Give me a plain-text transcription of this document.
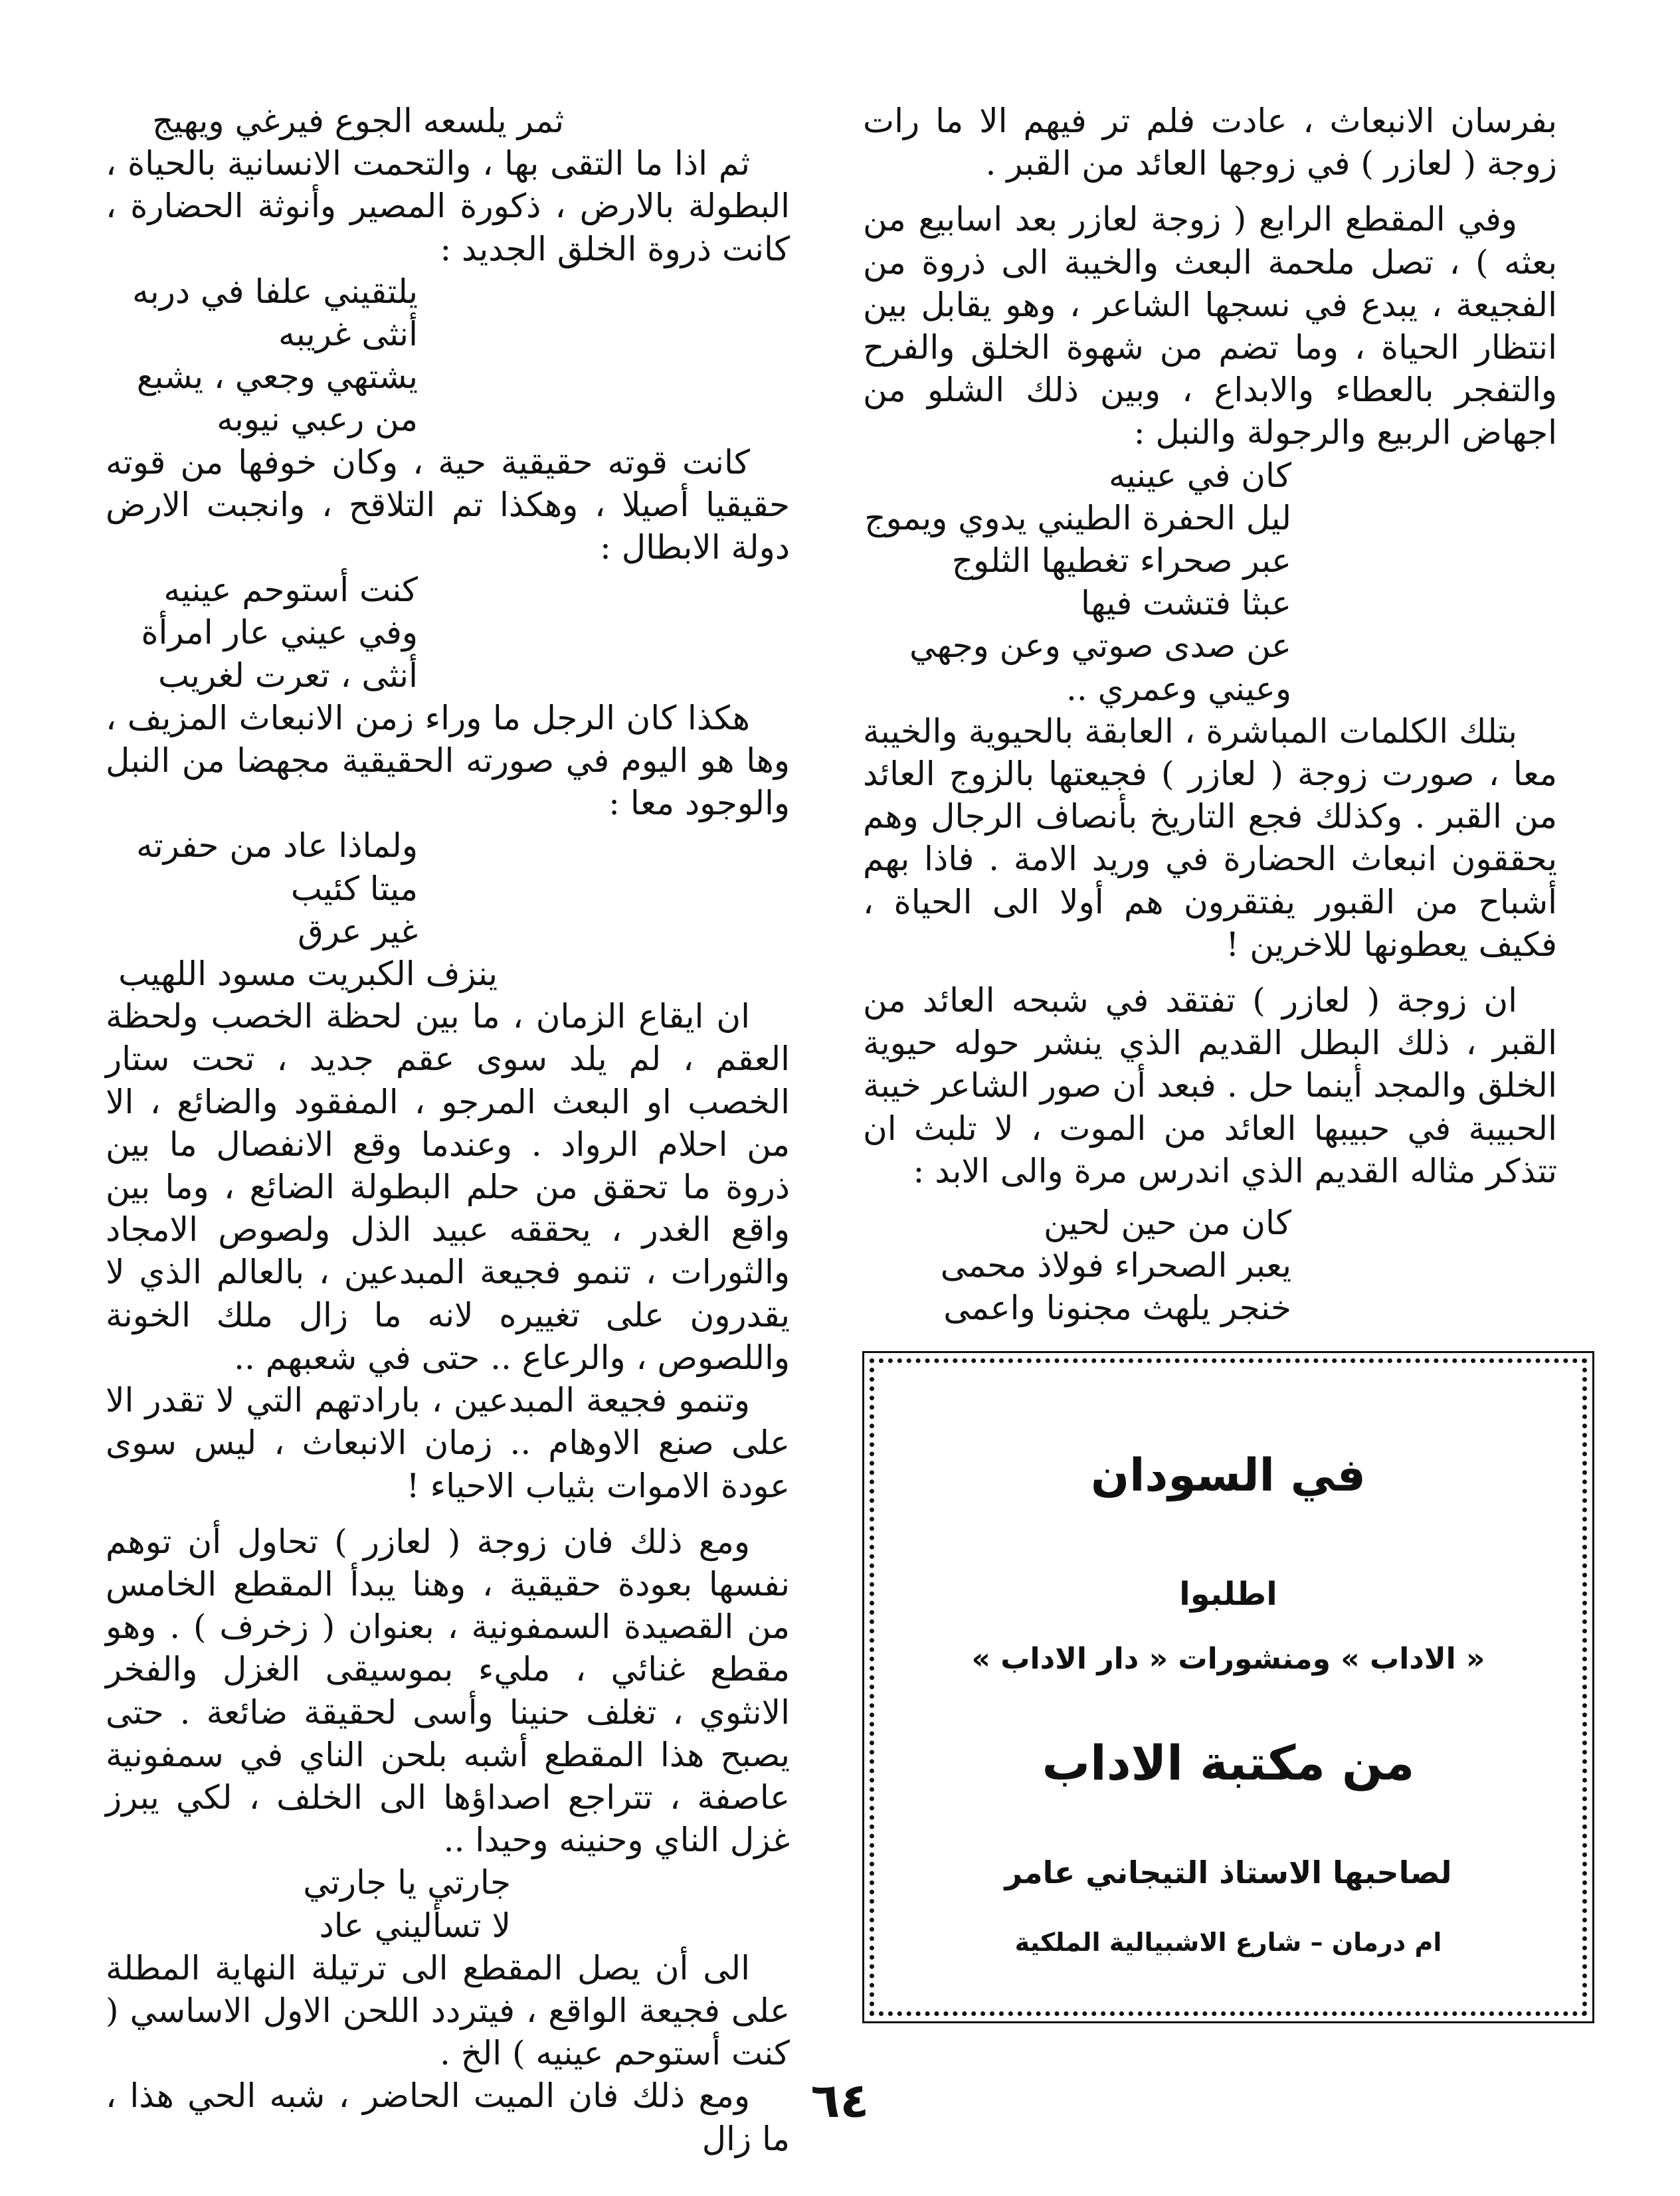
بفرسان الانبعاث ، عادت فلم تر فيهم الا ما رات زوجة ( لعازر ) في زوجها العائد من القبر .

وفي المقطع الرابع ( زوجة لعازر بعد اسابيع من بعثه ) ، تصل ملحمة البعث والخيبة الى ذروة من الفجيعة ، يبدع في نسجها الشاعر ، وهو يقابل بين انتظار الحياة ، وما تضم من شهوة الخلق والفرح والتفجر بالعطاء والابداع ، وبين ذلك الشلو من اجهاض الربيع والرجولة والنبل :

كان في عينيه
ليل الحفرة الطيني يدوي ويموج
عبر صحراء تغطيها الثلوج
عبثا فتشت فيها
عن صدى صوتي وعن وجهي
وعيني وعمري ..

بتلك الكلمات المباشرة ، العابقة بالحيوية والخيبة معا ، صورت زوجة ( لعازر ) فجيعتها بالزوج العائد من القبر . وكذلك فجع التاريخ بأنصاف الرجال وهم يحققون انبعاث الحضارة في وريد الامة . فاذا بهم أشباح من القبور يفتقرون هم أولا الى الحياة ، فكيف يعطونها للاخرين !

ان زوجة ( لعازر ) تفتقد في شبحه العائد من القبر ، ذلك البطل القديم الذي ينشر حوله حيوية الخلق والمجد أينما حل . فبعد أن صور الشاعر خيبة الحبيبة في حبيبها العائد من الموت ، لا تلبث ان تتذكر مثاله القديم الذي اندرس مرة والى الابد :

كان من حين لحين
يعبر الصحراء فولاذ محمى
خنجر يلهث مجنونا واعمى
ثمر يلسعه الجوع فيرغي ويهيج

ثم اذا ما التقى بها ، والتحمت الانسانية بالحياة ، البطولة بالارض ، ذكورة المصير وأنوثة الحضارة ، كانت ذروة الخلق الجديد :

يلتقيني علفا في دربه
أنثى غريبه
يشتهي وجعي ، يشبع
من رعبي نيوبه

كانت قوته حقيقية حية ، وكان خوفها من قوته حقيقيا أصيلا ، وهكذا تم التلاقح ، وانجبت الارض دولة الابطال :

كنت أستوحم عينيه
وفي عيني عار امرأة
أنثى ، تعرت لغريب

هكذا كان الرجل ما وراء زمن الانبعاث المزيف ، وها هو اليوم في صورته الحقيقية مجهضا من النبل والوجود معا :

ولماذا عاد من حفرته
ميتا كئيب
غير عرق
ينزف الكبريت مسود اللهيب

ان ايقاع الزمان ، ما بين لحظة الخصب ولحظة العقم ، لم يلد سوى عقم جديد ، تحت ستار الخصب او البعث المرجو ، المفقود والضائع ، الا من احلام الرواد . وعندما وقع الانفصال ما بين ذروة ما تحقق من حلم البطولة الضائع ، وما بين واقع الغدر ، يحققه عبيد الذل ولصوص الامجاد والثورات ، تنمو فجيعة المبدعين ، بالعالم الذي لا يقدرون على تغييره لانه ما زال ملك الخونة واللصوص ، والرعاع .. حتى في شعبهم ..

وتنمو فجيعة المبدعين ، بارادتهم التي لا تقدر الا على صنع الاوهام .. زمان الانبعاث ، ليس سوى عودة الاموات بثياب الاحياء !

ومع ذلك فان زوجة ( لعازر ) تحاول أن توهم نفسها بعودة حقيقية ، وهنا يبدأ المقطع الخامس من القصيدة السمفونية ، بعنوان ( زخرف ) . وهو مقطع غنائي ، مليء بموسيقى الغزل والفخر الانثوي ، تغلف حنينا وأسى لحقيقة ضائعة . حتى يصبح هذا المقطع أشبه بلحن الناي في سمفونية عاصفة ، تتراجع اصداؤها الى الخلف ، لكي يبرز غزل الناي وحنينه وحيدا ..

جارتي يا جارتي
لا تسأليني عاد

الى أن يصل المقطع الى ترتيلة النهاية المطلة على فجيعة الواقع ، فيتردد اللحن الاول الاساسي ( كنت أستوحم عينيه ) الخ .

ومع ذلك فان الميت الحاضر ، شبه الحي هذا ، ما زال

في السودان
اطلبوا
« الاداب » ومنشورات « دار الاداب »
من مكتبة الاداب
لصاحبها الاستاذ التيجاني عامر
ام درمان – شارع الاشبيالية الملكية
٦٤
